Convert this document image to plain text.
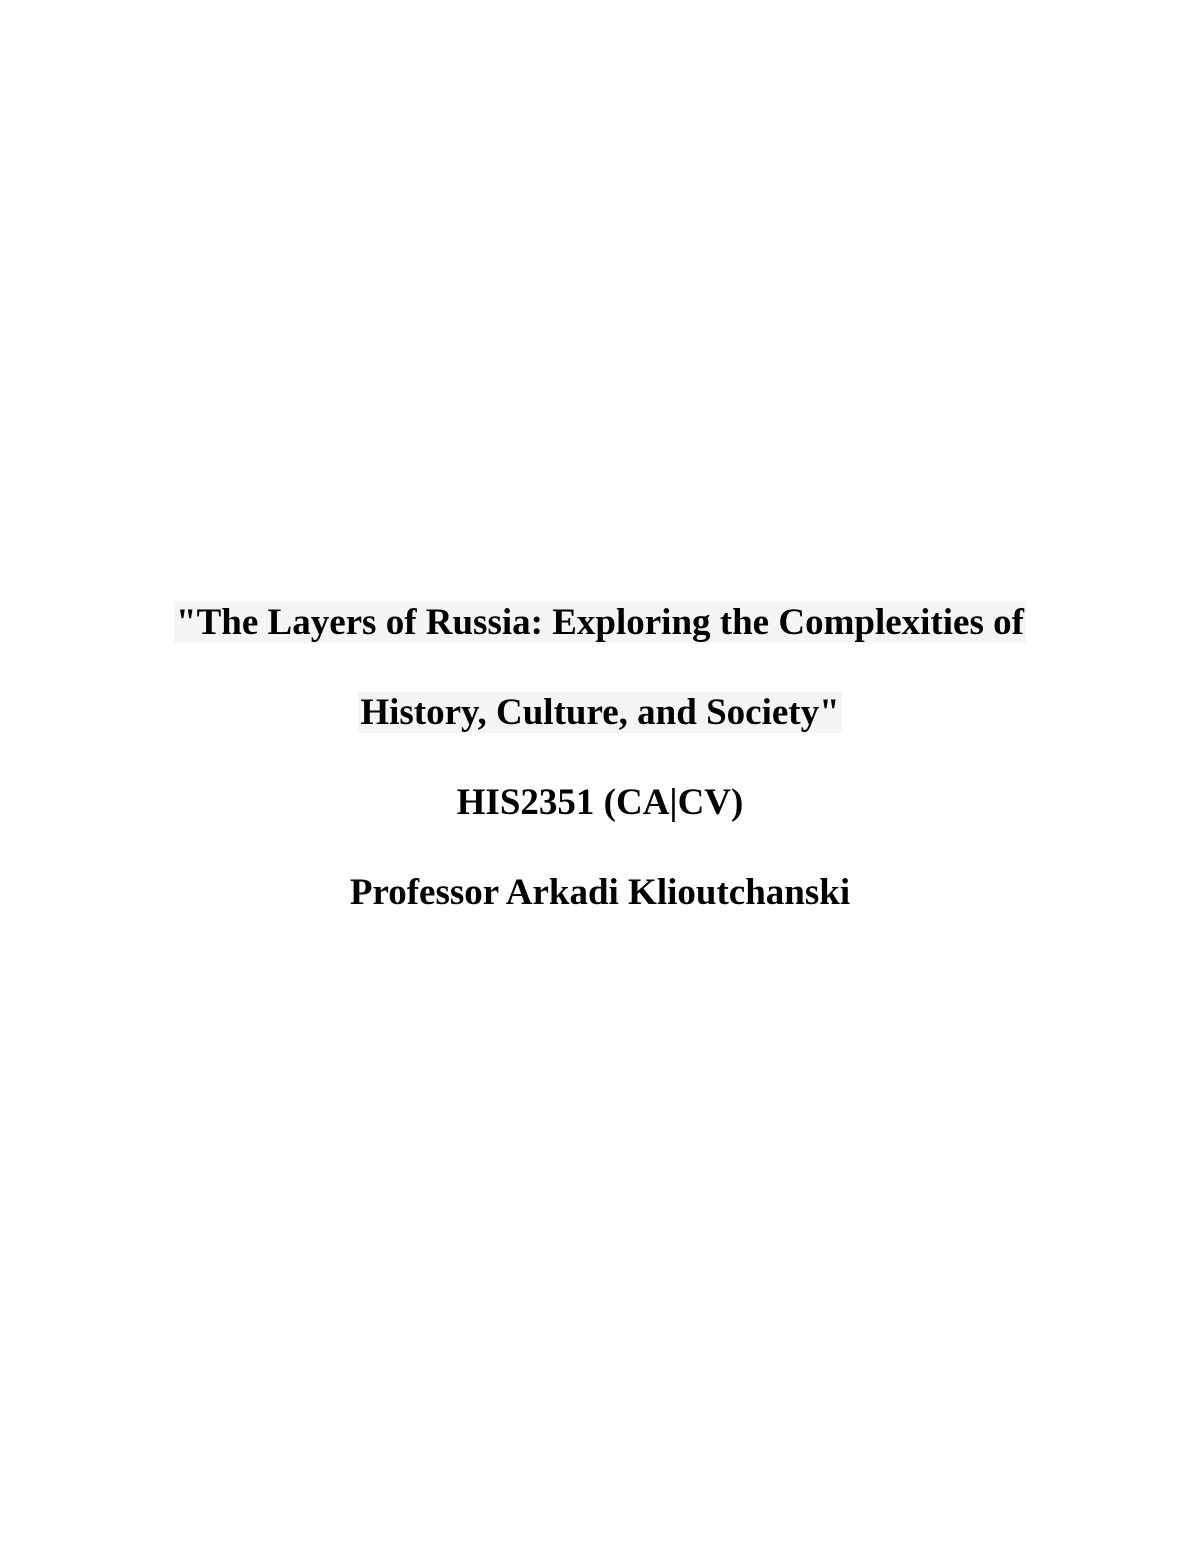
"The Layers of Russia: Exploring the Complexities of
History, Culture, and Society"
HIS2351 (CA|CV)
Professor Arkadi Klioutchanski
